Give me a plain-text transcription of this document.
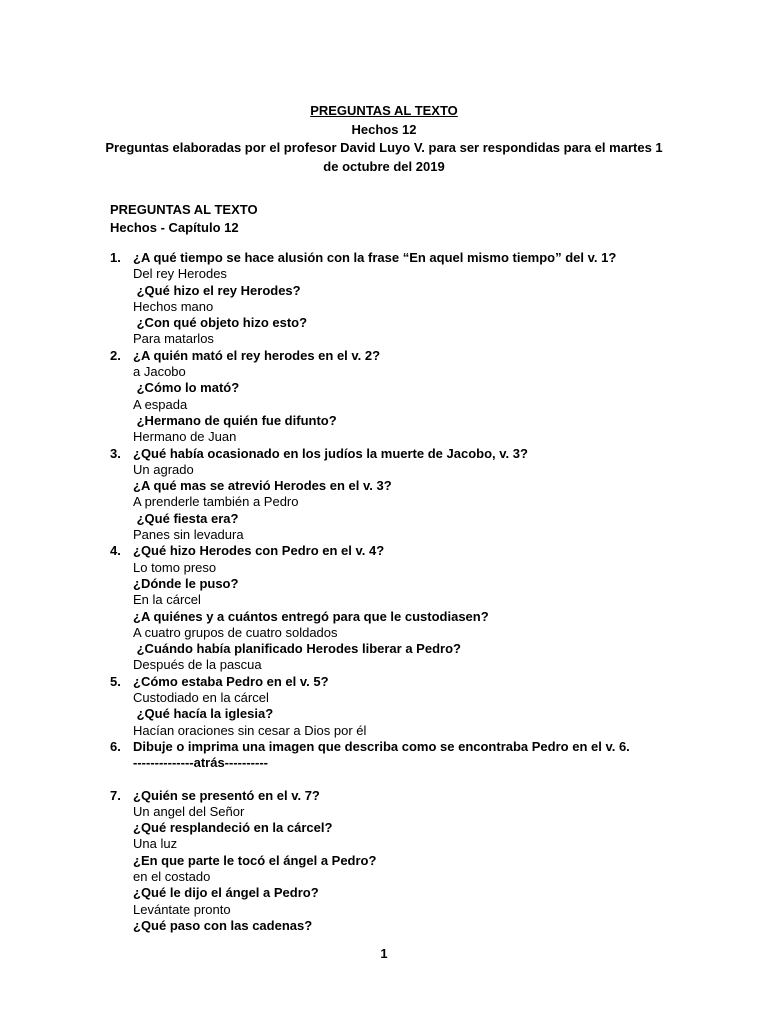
PREGUNTAS AL TEXTO
Hechos 12
Preguntas elaboradas por el profesor David Luyo V. para ser respondidas para el martes 1 de octubre del 2019
PREGUNTAS AL TEXTO
Hechos - Capítulo 12
1. ¿A qué tiempo se hace alusión con la frase “En aquel mismo tiempo” del v. 1?
Del rey Herodes
¿Qué hizo el rey Herodes?
Hechos mano
¿Con qué objeto hizo esto?
Para matarlos
2. ¿A quién mató el rey herodes en el v. 2?
a Jacobo
¿Cómo lo mató?
A espada
¿Hermano de quién fue difunto?
Hermano de Juan
3. ¿Qué había ocasionado en los judíos la muerte de Jacobo, v. 3?
Un agrado
¿A qué mas se atrevió Herodes en el v. 3?
A prenderle también a Pedro
¿Qué fiesta era?
Panes sin levadura
4. ¿Qué hizo Herodes con Pedro en el v. 4?
Lo tomo preso
¿Dónde le puso?
En la cárcel
¿A quiénes y a cuántos entregó para que le custodiasen?
A cuatro grupos de cuatro soldados
¿Cuándo había planificado Herodes liberar a Pedro?
Después de la pascua
5. ¿Cómo estaba Pedro en el v. 5?
Custodiado en la cárcel
¿Qué hacía la iglesia?
Hacían oraciones sin cesar a Dios por él
6. Dibuje o imprima una imagen que describa como se encontraba Pedro en el v. 6.
--------------atrás----------
7. ¿Quién se presentó en el v. 7?
Un angel del Señor
¿Qué resplandeció en la cárcel?
Una luz
¿En que parte le tocó el ángel a Pedro?
en el costado
¿Qué le dijo el ángel a Pedro?
Levántate pronto
¿Qué paso con las cadenas?
1
